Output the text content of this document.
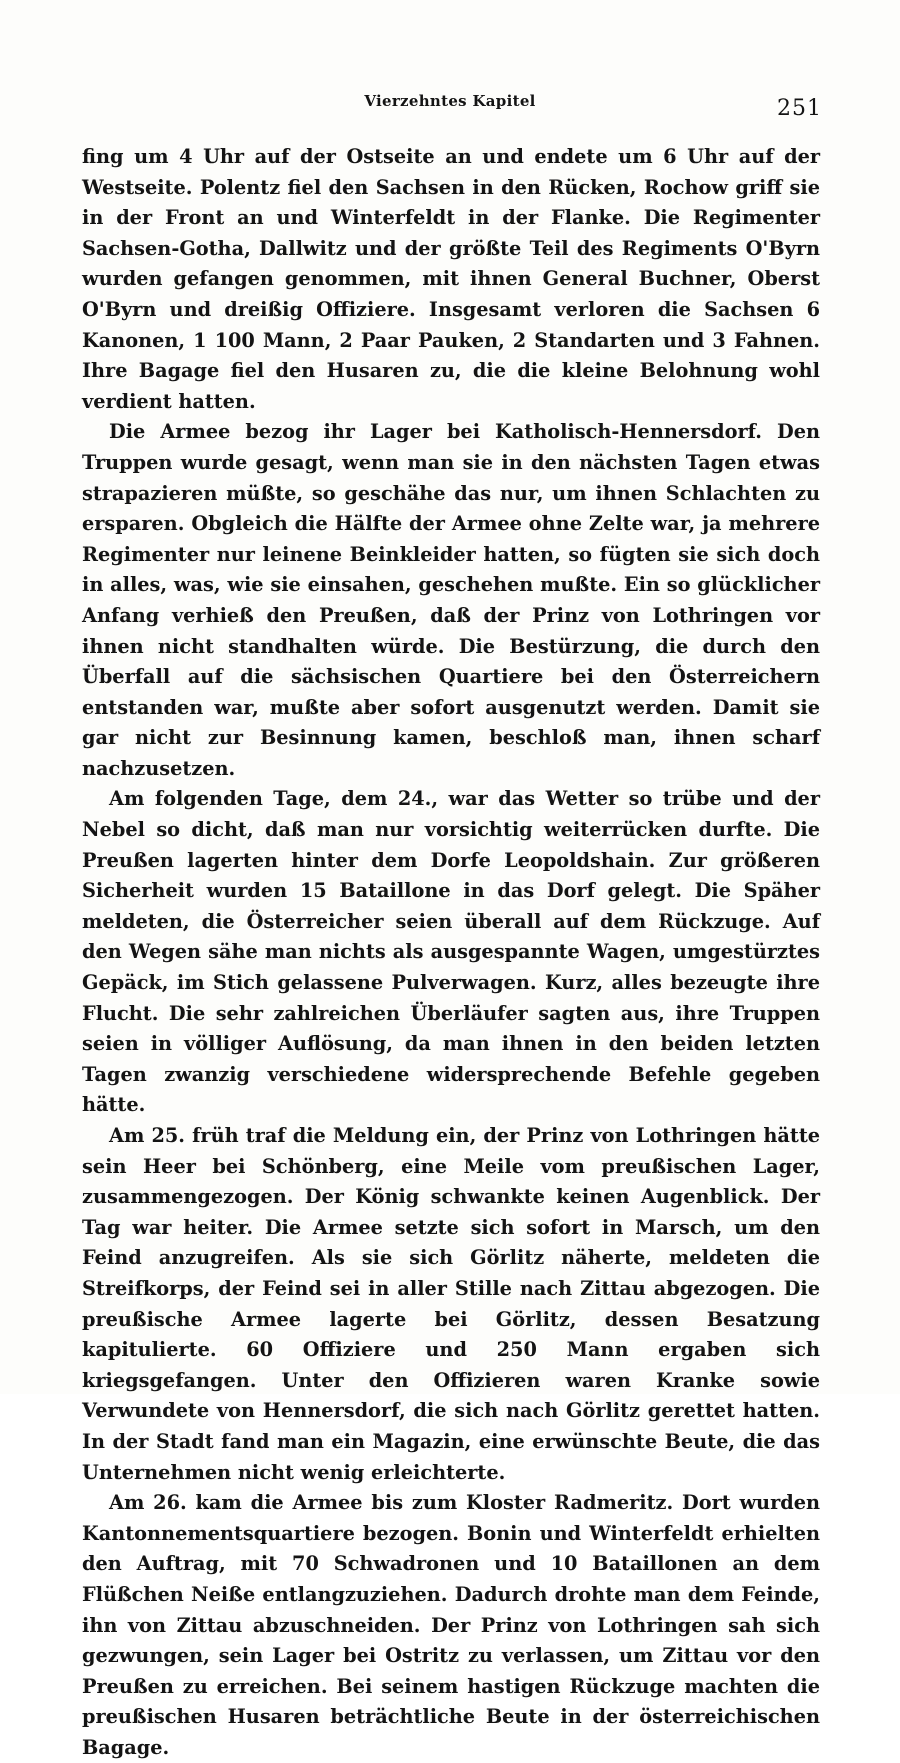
Vierzehntes Kapitel	251

fing um 4 Uhr auf der Ostseite an und endete um 6 Uhr auf der Westseite. Polentz fiel den Sachsen in den Rücken, Rochow griff sie in der Front an und Winterfeldt in der Flanke. Die Regimenter Sachsen-Gotha, Dallwitz und der größte Teil des Regiments O'Byrn wurden gefangen genommen, mit ihnen General Buchner, Oberst O'Byrn und dreißig Offiziere. Insgesamt verloren die Sachsen 6 Kanonen, 1 100 Mann, 2 Paar Pauken, 2 Standarten und 3 Fahnen. Ihre Bagage fiel den Husaren zu, die die kleine Belohnung wohl verdient hatten.

Die Armee bezog ihr Lager bei Katholisch-Hennersdorf. Den Truppen wurde gesagt, wenn man sie in den nächsten Tagen etwas strapazieren müßte, so geschähe das nur, um ihnen Schlachten zu ersparen. Obgleich die Hälfte der Armee ohne Zelte war, ja mehrere Regimenter nur leinene Beinkleider hatten, so fügten sie sich doch in alles, was, wie sie einsahen, geschehen mußte. Ein so glücklicher Anfang verhieß den Preußen, daß der Prinz von Lothringen vor ihnen nicht standhalten würde. Die Bestürzung, die durch den Überfall auf die sächsischen Quartiere bei den Österreichern entstanden war, mußte aber sofort ausgenutzt werden. Damit sie gar nicht zur Besinnung kamen, beschloß man, ihnen scharf nachzusetzen.

Am folgenden Tage, dem 24., war das Wetter so trübe und der Nebel so dicht, daß man nur vorsichtig weiterrücken durfte. Die Preußen lagerten hinter dem Dorfe Leopoldshain. Zur größeren Sicherheit wurden 15 Bataillone in das Dorf gelegt. Die Späher meldeten, die Österreicher seien überall auf dem Rückzuge. Auf den Wegen sähe man nichts als ausgespannte Wagen, umgestürztes Gepäck, im Stich gelassene Pulverwagen. Kurz, alles bezeugte ihre Flucht. Die sehr zahlreichen Überläufer sagten aus, ihre Truppen seien in völliger Auflösung, da man ihnen in den beiden letzten Tagen zwanzig verschiedene widersprechende Befehle gegeben hätte.

Am 25. früh traf die Meldung ein, der Prinz von Lothringen hätte sein Heer bei Schönberg, eine Meile vom preußischen Lager, zusammengezogen. Der König schwankte keinen Augenblick. Der Tag war heiter. Die Armee setzte sich sofort in Marsch, um den Feind anzugreifen. Als sie sich Görlitz näherte, meldeten die Streifkorps, der Feind sei in aller Stille nach Zittau abgezogen. Die preußische Armee lagerte bei Görlitz, dessen Besatzung kapitulierte. 60 Offiziere und 250 Mann ergaben sich kriegsgefangen. Unter den Offizieren waren Kranke sowie Verwundete von Hennersdorf, die sich nach Görlitz gerettet hatten. In der Stadt fand man ein Magazin, eine erwünschte Beute, die das Unternehmen nicht wenig erleichterte.

Am 26. kam die Armee bis zum Kloster Radmeritz. Dort wurden Kantonnementsquartiere bezogen. Bonin und Winterfeldt erhielten den Auftrag, mit 70 Schwadronen und 10 Bataillonen an dem Flüßchen Neiße entlangzuziehen. Dadurch drohte man dem Feinde, ihn von Zittau abzuschneiden. Der Prinz von Lothringen sah sich gezwungen, sein Lager bei Ostritz zu verlassen, um Zittau vor den Preußen zu erreichen. Bei seinem hastigen Rückzuge machten die preußischen Husaren beträchtliche Beute in der österreichischen Bagage.
